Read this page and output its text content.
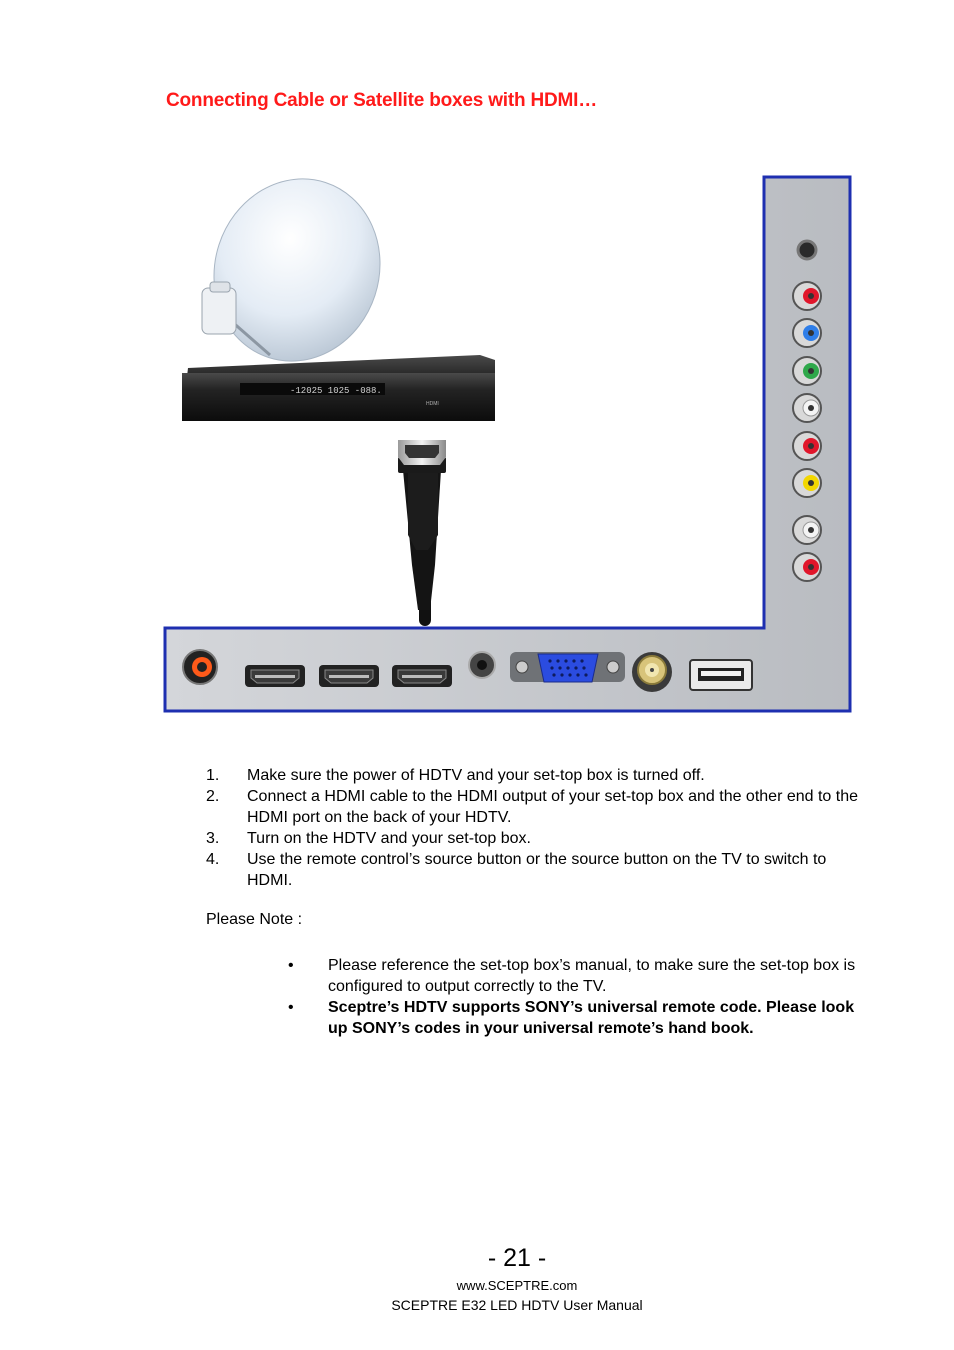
Connecting Cable or Satellite boxes with HDMI…
-12025 1025 -088.
HDMI
1.	Make sure the power of HDTV and your set-top box is turned off.
2.	Connect a HDMI cable to the HDMI output of your set-top box and the other end to the HDMI port on the back of your HDTV.
3.	Turn on the HDTV and your set-top box.
4.	Use the remote control’s source button or the source button on the TV to switch to HDMI.
Please Note :
•	Please reference the set-top box’s manual, to make sure the set-top box is configured to output correctly to the TV.
•	Sceptre’s HDTV supports SONY’s universal remote code. Please look up SONY’s codes in your universal remote’s hand book.
- 21 -
www.SCEPTRE.com
SCEPTRE E32 LED HDTV User Manual
